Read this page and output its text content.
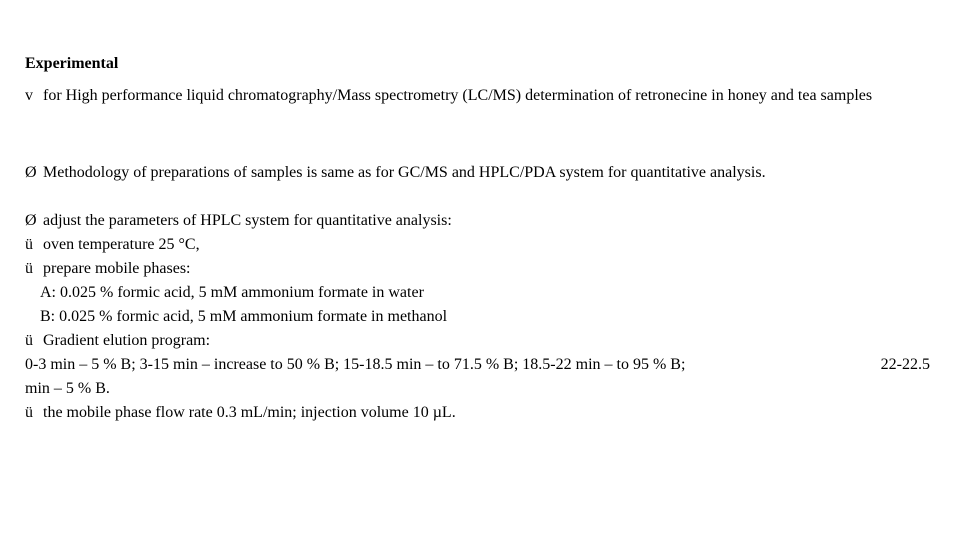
Experimental
v for High performance liquid chromatography/Mass spectrometry (LC/MS) determination of retronecine in honey and tea samples
Ø Methodology of preparations of samples is same as for GC/MS and HPLC/PDA system for quantitative analysis.
Ø adjust the parameters of HPLC system for quantitative analysis:
ü oven temperature 25 °C,
ü prepare mobile phases:
A: 0.025 % formic acid, 5 mM ammonium formate in water
B: 0.025 % formic acid, 5 mM ammonium formate in methanol
ü Gradient elution program:
0-3 min – 5 % B; 3-15 min – increase to 50 % B; 15-18.5 min – to 71.5 % B; 18.5-22 min – to 95 % B;	22-22.5
min – 5 % B.
ü the mobile phase flow rate 0.3 mL/min; injection volume 10 µL.
